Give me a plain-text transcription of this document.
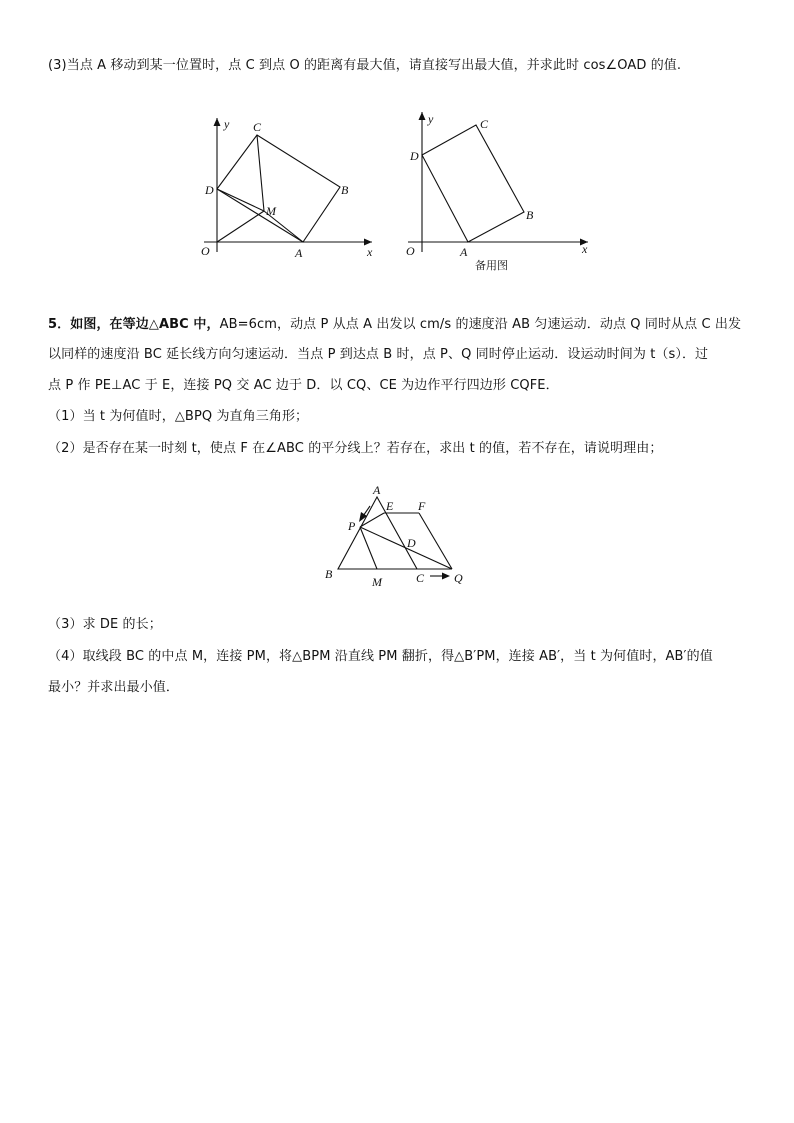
(3)当点 A 移动到某一位置时，点 C 到点 O 的距离有最大值，请直接写出最大值，并求此时 cos∠OAD 的值.
y
x
O	A
B
C
D
M
y
x
O	A
B
C
D
备用图
5．如图，在等边△ABC 中，AB=6cm，动点 P 从点 A 出发以 cm/s 的速度沿 AB 匀速运动．动点 Q 同时从点 C 出发
以同样的速度沿 BC 延长线方向匀速运动．当点 P 到达点 B 时，点 P、Q 同时停止运动．设运动时间为 t（s）．过
点 P 作 PE⊥AC 于 E，连接 PQ 交 AC 边于 D．以 CQ、CE 为边作平行四边形 CQFE．
（1）当 t 为何值时，△BPQ 为直角三角形；
（2）是否存在某一时刻 t，使点 F 在∠ABC 的平分线上？若存在，求出 t 的值，若不存在，请说明理由；
A
E F
P
D
B
M	C Q
（3）求 DE 的长；
（4）取线段 BC 的中点 M，连接 PM，将△BPM 沿直线 PM 翻折，得△B′PM，连接 AB′，当 t 为何值时，AB′的值
最小？并求出最小值．
